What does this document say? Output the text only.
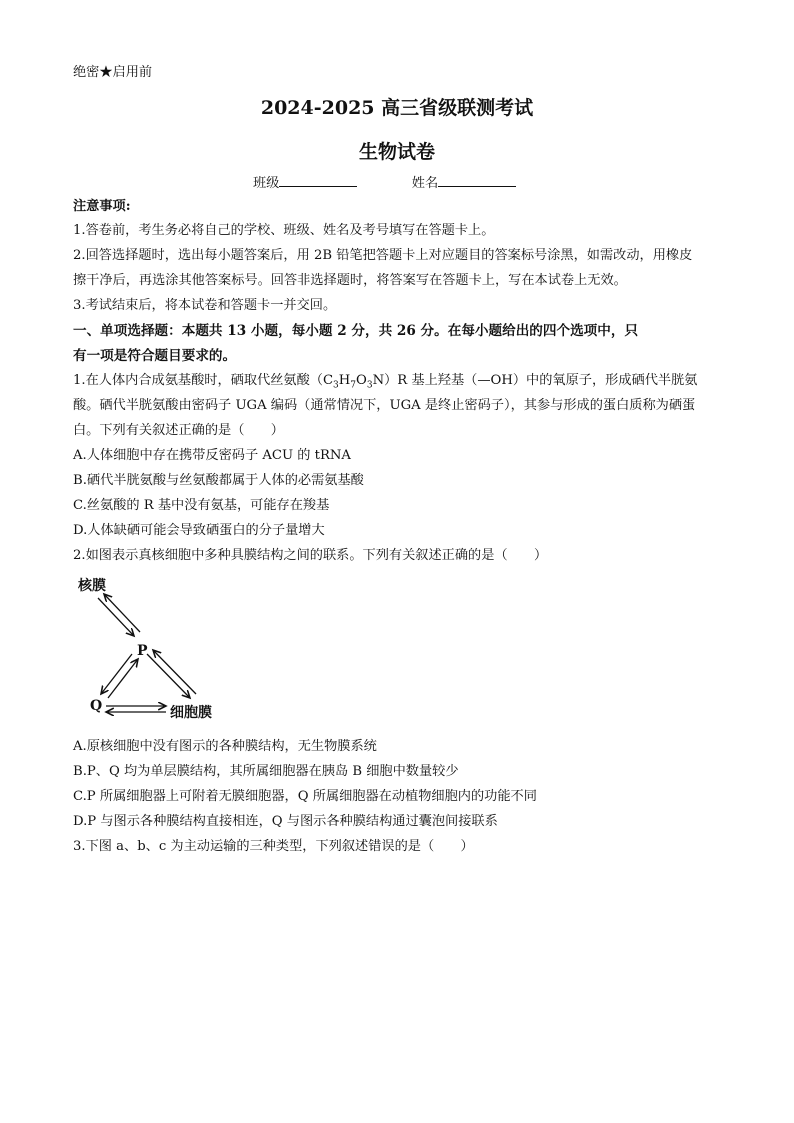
绝密★启用前
2024-2025 高三省级联测考试
生物试卷
班级	姓名
注意事项:
1.答卷前，考生务必将自己的学校、班级、姓名及考号填写在答题卡上。
2.回答选择题时，选出每小题答案后，用 2B 铅笔把答题卡上对应题目的答案标号涂黑，如需改动，用橡皮
擦干净后，再选涂其他答案标号。回答非选择题时，将答案写在答题卡上，写在本试卷上无效。
3.考试结束后，将本试卷和答题卡一并交回。
一、单项选择题：本题共 13 小题，每小题 2 分，共 26 分。在每小题给出的四个选项中，只
有一项是符合题目要求的。
1.在人体内合成氨基酸时，硒取代丝氨酸$(C_3H_7O_3N)R$ 基上羟基（—OH）中的氧原子，形成硒代半胱氨
酸。硒代半胱氨酸由密码子 UGA 编码（通常情况下，UGA 是终止密码子），其参与形成的蛋白质称为硒蛋
白。下列有关叙述正确的是（　　）
A.人体细胞中存在携带反密码子 ACU 的 tRNA
B.硒代半胱氨酸与丝氨酸都属于人体的必需氨基酸
C.丝氨酸的 R 基中没有氨基，可能存在羧基
D.人体缺硒可能会导致硒蛋白的分子量增大
2.如图表示真核细胞中多种具膜结构之间的联系。下列有关叙述正确的是（　　）
核膜
P
Q	细胞膜
A.原核细胞中没有图示的各种膜结构，无生物膜系统
B.P、Q 均为单层膜结构，其所属细胞器在胰岛 B 细胞中数量较少
C.P 所属细胞器上可附着无膜细胞器，Q 所属细胞器在动植物细胞内的功能不同
D.P 与图示各种膜结构直接相连，Q 与图示各种膜结构通过囊泡间接联系
3.下图 a、b、c 为主动运输的三种类型，下列叙述错误的是（　　）
